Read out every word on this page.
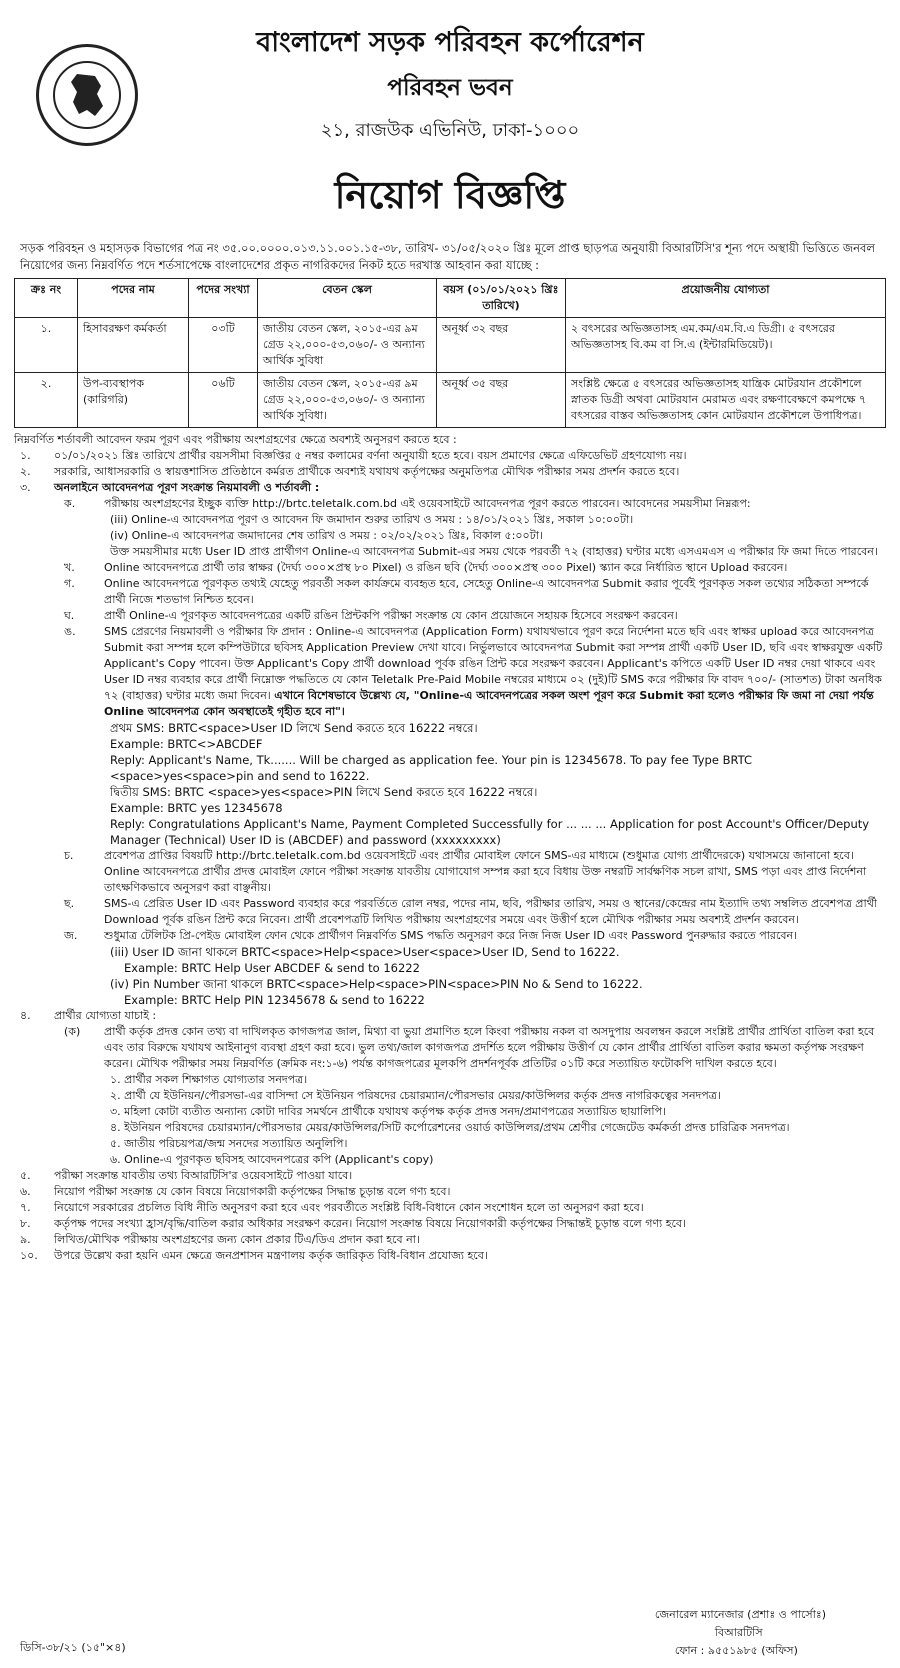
বাংলাদেশ সড়ক পরিবহন কর্পোরেশন
পরিবহন ভবন
২১, রাজউক এভিনিউ, ঢাকা-১০০০
নিয়োগ বিজ্ঞপ্তি
সড়ক পরিবহন ও মহাসড়ক বিভাগের পত্র নং ৩৫.০০.০০০০.০১৩.১১.০০১.১৫-৩৮, তারিখ- ৩১/০৫/২০২০ খ্রিঃ মূলে প্রাপ্ত ছাড়পত্র অনুযায়ী বিআরটিসি'র শূন্য পদে অস্থায়ী ভিত্তিতে জনবল নিয়োগের জন্য নিম্নবর্ণিত পদে শর্তসাপেক্ষে বাংলাদেশের প্রকৃত নাগরিকদের নিকট হতে দরখাস্ত আহবান করা যাচ্ছে :
ক্রঃ নং	পদের নাম	পদের সংখ্যা	বেতন স্কেল	বয়স (০১/০১/২০২১ খ্রিঃ তারিখে)	প্রয়োজনীয় যোগ্যতা
১.	হিসাবরক্ষণ কর্মকর্তা	০৩টি	জাতীয় বেতন স্কেল, ২০১৫-এর ৯ম গ্রেড ২২,০০০-৫৩,০৬০/- ও অন্যান্য আর্থিক সুবিধা	অনূর্ধ্ব ৩২ বছর	২ বৎসরের অভিজ্ঞতাসহ এম.কম/এম.বি.এ ডিগ্রী। ৫ বৎসরের অভিজ্ঞতাসহ বি.কম বা সি.এ (ইন্টারমিডিয়েট)।
২.	উপ-ব্যবস্থাপক (কারিগরি)	০৬টি	জাতীয় বেতন স্কেল, ২০১৫-এর ৯ম গ্রেড ২২,০০০-৫৩,০৬০/- ও অন্যান্য আর্থিক সুবিধা।	অনূর্ধ্ব ৩৫ বছর	সংশ্লিষ্ট ক্ষেত্রে ৫ বৎসরের অভিজ্ঞতাসহ যান্ত্রিক মোটরযান প্রকৌশলে স্নাতক ডিগ্রী অথবা মোটরযান মেরামত এবং রক্ষণাবেক্ষণে কমপক্ষে ৭ বৎসরের বাস্তব অভিজ্ঞতাসহ কোন মোটরযান প্রকৌশলে উপাধিপত্র।
নিম্নবর্ণিত শর্তাবলী আবেদন ফরম পূরণ এবং পরীক্ষায় অংশগ্রহণের ক্ষেত্রে অবশ্যই অনুসরণ করতে হবে :
১.	০১/০১/২০২১ খ্রিঃ তারিখে প্রার্থীর বয়সসীমা বিজ্ঞপ্তির ৫ নম্বর কলামের বর্ণনা অনুযায়ী হতে হবে। বয়স প্রমাণের ক্ষেত্রে এফিডেভিট গ্রহণযোগ্য নয়।
২.	সরকারি, আধাসরকারি ও স্বায়ত্তশাসিত প্রতিষ্ঠানে কর্মরত প্রার্থীকে অবশ্যই যথাযথ কর্তৃপক্ষের অনুমতিপত্র মৌখিক পরীক্ষার সময় প্রদর্শন করতে হবে।
৩.	অনলাইনে আবেদনপত্র পূরণ সংক্রান্ত নিয়মাবলী ও শর্তাবলী :
ক.	পরীক্ষায় অংশগ্রহণের ইচ্ছুক ব্যক্তি http://brtc.teletalk.com.bd এই ওয়েবসাইটে আবেদনপত্র পূরণ করতে পারবেন। আবেদনের সময়সীমা নিম্নরূপ:
(iii) Online-এ আবেদনপত্র পূরণ ও আবেদন ফি জমাদান শুরুর তারিখ ও সময় : ১৪/০১/২০২১ খ্রিঃ, সকাল ১০:০০টা।
(iv) Online-এ আবেদনপত্র জমাদানের শেষ তারিখ ও সময় : ০২/০২/২০২১ খ্রিঃ, বিকাল ৫:০০টা।
উক্ত সময়সীমার মধ্যে User ID প্রাপ্ত প্রার্থীগণ Online-এ আবেদনপত্র Submit-এর সময় থেকে পরবর্তী ৭২ (বাহাত্তর) ঘণ্টার মধ্যে এসএমএস এ পরীক্ষার ফি জমা দিতে পারবেন।
খ.	Online আবেদনপত্রে প্রার্থী তার স্বাক্ষর (দৈর্ঘ্য ৩০০×প্রস্থ ৮০ Pixel) ও রঙিন ছবি (দৈর্ঘ্য ৩০০×প্রস্থ ৩০০ Pixel) স্ক্যান করে নির্ধারিত স্থানে Upload করবেন।
গ.	Online আবেদনপত্রে পূরণকৃত তথ্যই যেহেতু পরবর্তী সকল কার্যক্রমে ব্যবহৃত হবে, সেহেতু Online-এ আবেদনপত্র Submit করার পূর্বেই পূরণকৃত সকল তথ্যের সঠিকতা সম্পর্কে প্রার্থী নিজে শতভাগ নিশ্চিত হবেন।
ঘ.	প্রার্থী Online-এ পূরণকৃত আবেদনপত্রের একটি রঙিন প্রিন্টকপি পরীক্ষা সংক্রান্ত যে কোন প্রয়োজনে সহায়ক হিসেবে সংরক্ষণ করবেন।
ঙ.	SMS প্রেরণের নিয়মাবলী ও পরীক্ষার ফি প্রদান : Online-এ আবেদনপত্র (Application Form) যথাযথভাবে পূরণ করে নির্দেশনা মতে ছবি এবং স্বাক্ষর upload করে আবেদনপত্র Submit করা সম্পন্ন হলে কম্পিউটারে ছবিসহ Application Preview দেখা যাবে। নির্ভুলভাবে আবেদনপত্র Submit করা সম্পন্ন প্রার্থী একটি User ID, ছবি এবং স্বাক্ষরযুক্ত একটি Applicant's Copy পাবেন। উক্ত Applicant's Copy প্রার্থী download পূর্বক রঙিন প্রিন্ট করে সংরক্ষণ করবেন। Applicant's কপিতে একটি User ID নম্বর দেয়া থাকবে এবং User ID নম্বর ব্যবহার করে প্রার্থী নিম্নোক্ত পদ্ধতিতে যে কোন Teletalk Pre-Paid Mobile নম্বরের মাধ্যমে ০২ (দুই)টি SMS করে পরীক্ষার ফি বাবদ ৭০০/- (সাতশত) টাকা অনধিক ৭২ (বাহাত্তর) ঘণ্টার মধ্যে জমা দিবেন। এখানে বিশেষভাবে উল্লেখ্য যে, "Online-এ আবেদনপত্রের সকল অংশ পূরণ করে Submit করা হলেও পরীক্ষার ফি জমা না দেয়া পর্যন্ত Online আবেদনপত্র কোন অবস্থাতেই গৃহীত হবে না"।
প্রথম SMS: BRTC<space>User ID লিখে Send করতে হবে 16222 নম্বরে।
Example: BRTC<>ABCDEF
Reply: Applicant's Name, Tk....... Will be charged as application fee. Your pin is 12345678. To pay fee Type BRTC <space>yes<space>pin and send to 16222.
দ্বিতীয় SMS: BRTC <space>yes<space>PIN লিখে Send করতে হবে 16222 নম্বরে।
Example: BRTC yes 12345678
Reply: Congratulations Applicant's Name, Payment Completed Successfully for ... ... ... Application for post Account's Officer/Deputy Manager (Technical) User ID is (ABCDEF) and password (xxxxxxxxx)
চ.	প্রবেশপত্র প্রাপ্তির বিষয়টি http://brtc.teletalk.com.bd ওয়েবসাইটে এবং প্রার্থীর মোবাইল ফোনে SMS-এর মাধ্যমে (শুধুমাত্র যোগ্য প্রার্থীদেরকে) যথাসময়ে জানানো হবে। Online আবেদনপত্রে প্রার্থীর প্রদত্ত মোবাইল ফোনে পরীক্ষা সংক্রান্ত যাবতীয় যোগাযোগ সম্পন্ন করা হবে বিধায় উক্ত নম্বরটি সার্বক্ষণিক সচল রাখা, SMS পড়া এবং প্রাপ্ত নির্দেশনা তাৎক্ষণিকভাবে অনুসরণ করা বাঞ্ছনীয়।
ছ.	SMS-এ প্রেরিত User ID এবং Password ব্যবহার করে পরবর্তিতে রোল নম্বর, পদের নাম, ছবি, পরীক্ষার তারিখ, সময় ও স্থানের/কেন্দ্রের নাম ইত্যাদি তথ্য সম্বলিত প্রবেশপত্র প্রার্থী Download পূর্বক রঙিন প্রিন্ট করে নিবেন। প্রার্থী প্রবেশপত্রটি লিখিত পরীক্ষায় অংশগ্রহণের সময়ে এবং উত্তীর্ণ হলে মৌখিক পরীক্ষার সময় অবশ্যই প্রদর্শন করবেন।
জ.	শুধুমাত্র টেলিটক প্রি-পেইড মোবাইল ফোন থেকে প্রার্থীগণ নিম্নবর্ণিত SMS পদ্ধতি অনুসরণ করে নিজ নিজ User ID এবং Password পুনরুদ্ধার করতে পারবেন।
(iii) User ID জানা থাকলে BRTC<space>Help<space>User<space>User ID, Send to 16222.
Example: BRTC Help User ABCDEF & send to 16222
(iv) Pin Number জানা থাকলে BRTC<space>Help<space>PIN<space>PIN No & Send to 16222.
Example: BRTC Help PIN 12345678 & send to 16222
৪.	প্রার্থীর যোগ্যতা যাচাই :
(ক)	প্রার্থী কর্তৃক প্রদত্ত কোন তথ্য বা দাখিলকৃত কাগজপত্র জাল, মিথ্যা বা ভুয়া প্রমাণিত হলে কিংবা পরীক্ষায় নকল বা অসদুপায় অবলম্বন করলে সংশ্লিষ্ট প্রার্থীর প্রার্থিতা বাতিল করা হবে এবং তার বিরুদ্ধে যথাযথ আইনানুগ ব্যবস্থা গ্রহণ করা হবে। ভুল তথ্য/জাল কাগজপত্র প্রদর্শিত হলে পরীক্ষায় উত্তীর্ণ যে কোন প্রার্থীর প্রার্থিতা বাতিল করার ক্ষমতা কর্তৃপক্ষ সংরক্ষণ করেন। মৌখিক পরীক্ষার সময় নিম্নবর্ণিত (ক্রমিক নং:১-৬) পর্যন্ত কাগজপত্রের মূলকপি প্রদর্শনপূর্বক প্রতিটির ০১টি করে সত্যায়িত ফটোকপি দাখিল করতে হবে।
১. প্রার্থীর সকল শিক্ষাগত যোগ্যতার সনদপত্র।
২. প্রার্থী যে ইউনিয়ন/পৌরসভা-এর বাসিন্দা সে ইউনিয়ন পরিষদের চেয়ারম্যান/পৌরসভার মেয়র/কাউন্সিলর কর্তৃক প্রদত্ত নাগরিকত্বের সনদপত্র।
৩. মহিলা কোটা ব্যতীত অন্যান্য কোটা দাবির সমর্থনে প্রার্থীকে যথাযথ কর্তৃপক্ষ কর্তৃক প্রদত্ত সনদ/প্রমাণপত্রের সত্যায়িত ছায়ালিপি।
৪. ইউনিয়ন পরিষদের চেয়ারম্যান/পৌরসভার মেয়র/কাউন্সিলর/সিটি কর্পোরেশনের ওয়ার্ড কাউন্সিলর/প্রথম শ্রেণীর গেজেটেড কর্মকর্তা প্রদত্ত চারিত্রিক সনদপত্র।
৫. জাতীয় পরিচয়পত্র/জন্ম সনদের সত্যায়িত অনুলিপি।
৬. Online-এ পূরণকৃত ছবিসহ আবেদনপত্রের কপি (Applicant's copy)
৫.	পরীক্ষা সংক্রান্ত যাবতীয় তথ্য বিআরটিসি'র ওয়েবসাইটে পাওয়া যাবে।
৬.	নিয়োগ পরীক্ষা সংক্রান্ত যে কোন বিষয়ে নিয়োগকারী কর্তৃপক্ষের সিদ্ধান্ত চূড়ান্ত বলে গণ্য হবে।
৭.	নিয়োগে সরকারের প্রচলিত বিধি নীতি অনুসরণ করা হবে এবং পরবর্তীতে সংশ্লিষ্ট বিধি-বিধানে কোন সংশোধন হলে তা অনুসরণ করা হবে।
৮.	কর্তৃপক্ষ পদের সংখ্যা হ্রাস/বৃদ্ধি/বাতিল করার অধিকার সংরক্ষণ করেন। নিয়োগ সংক্রান্ত বিষয়ে নিয়োগকারী কর্তৃপক্ষের সিদ্ধান্তই চূড়ান্ত বলে গণ্য হবে।
৯.	লিখিত/মৌখিক পরীক্ষায় অংশগ্রহণের জন্য কোন প্রকার টিএ/ডিএ প্রদান করা হবে না।
১০.	উপরে উল্লেখ করা হয়নি এমন ক্ষেত্রে জনপ্রশাসন মন্ত্রণালয় কর্তৃক জারিকৃত বিধি-বিধান প্রযোজ্য হবে।
জেনারেল ম্যানেজার (প্রশাঃ ও পার্সোঃ)
বিআরটিসি
ফোন : ৯৫৫১৯৮৫ (অফিস)
ডিসি-৩৮/২১ (১৫"×৪)
